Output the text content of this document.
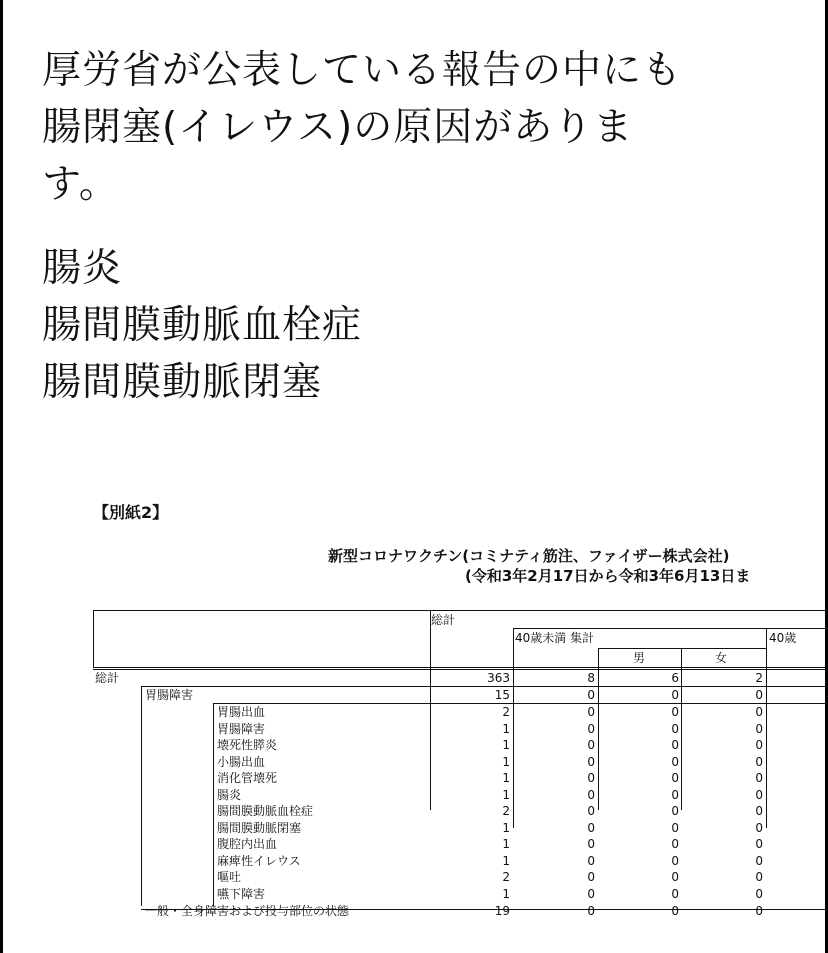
厚労省が公表している報告の中にも
腸閉塞(イレウス)の原因がありま
す。
腸炎
腸間膜動脈血栓症
腸間膜動脈閉塞
【別紙2】
新型コロナワクチン(コミナティ筋注、ファイザー株式会社)
(令和3年2月17日から令和3年6月13日ま
総計
40歳未満 集計	40歳
男	女
総計	363	8	6	2
胃腸障害	15	0	0	0
胃腸出血	2	0	0	0
胃腸障害	1	0	0	0
壊死性膵炎	1	0	0	0
小腸出血	1	0	0	0
消化管壊死	1	0	0	0
腸炎	1	0	0	0
腸間膜動脈血栓症	2	0	0	0
腸間膜動脈閉塞	1	0	0	0
腹腔内出血	1	0	0	0
麻痺性イレウス	1	0	0	0
嘔吐	2	0	0	0
嚥下障害	1	0	0	0
一般・全身障害および投与部位の状態	19	0	0	0
